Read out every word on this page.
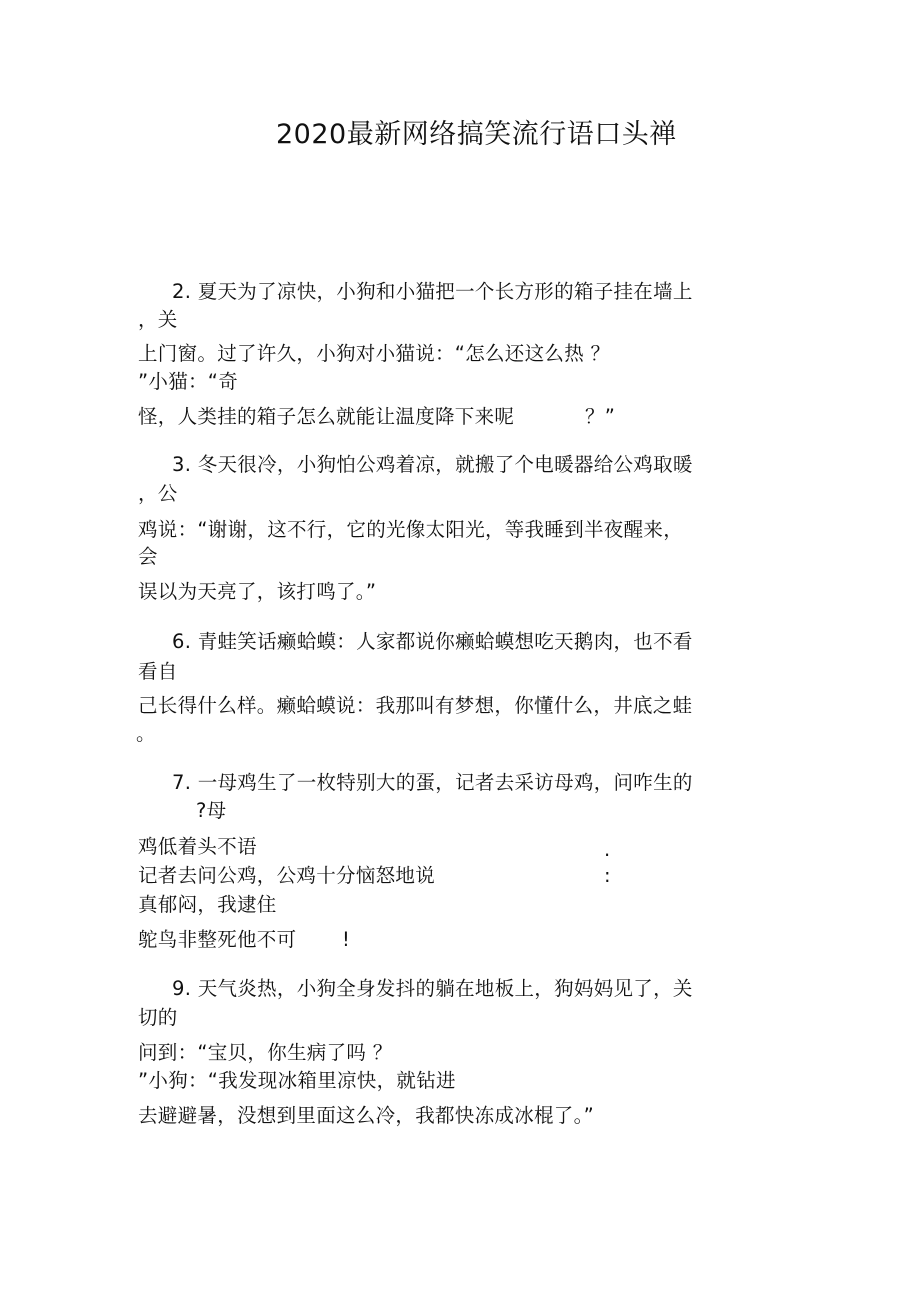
2020最新网络搞笑流行语口头禅
2. 夏天为了凉快，小狗和小猫把一个长方形的箱子挂在墙上
，关
上门窗。过了许久，小狗对小猫说：“怎么还这么热 ？
”小猫：“奇
怪，人类挂的箱子怎么就能让温度降下来呢	？”
3. 冬天很冷，小狗怕公鸡着凉，就搬了个电暖器给公鸡取暖
，公
鸡说：“谢谢，这不行，它的光像太阳光，等我睡到半夜醒来，
会
误以为天亮了，该打鸣了。”
6. 青蛙笑话癞蛤蟆：人家都说你癞蛤蟆想吃天鹅肉，也不看
看自
己长得什么样。癞蛤蟆说：我那叫有梦想，你懂什么，井底之蛙
。
7. 一母鸡生了一枚特别大的蛋，记者去采访母鸡，问咋生的
?母
鸡低着头不语	.
记者去问公鸡，公鸡十分恼怒地说	:
真郁闷，我逮住
鸵鸟非整死他不可 !
9. 天气炎热，小狗全身发抖的躺在地板上，狗妈妈见了，关
切的
问到：“宝贝，你生病了吗 ？
”小狗：“我发现冰箱里凉快，就钻进
去避避暑，没想到里面这么冷，我都快冻成冰棍了。”
